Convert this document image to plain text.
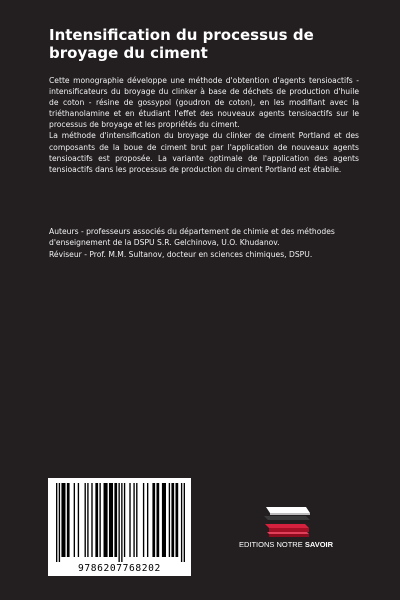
Intensification du processus de broyage du ciment

Cette monographie développe une méthode d'obtention d'agents tensioactifs - intensificateurs du broyage du clinker à base de déchets de production d'huile de coton - résine de gossypol (goudron de coton), en les modifiant avec la triéthanolamine et en étudiant l'effet des nouveaux agents tensioactifs sur le processus de broyage et les propriétés du ciment.

La méthode d'intensification du broyage du clinker de ciment Portland et des composants de la boue de ciment brut par l'application de nouveaux agents tensioactifs est proposée. La variante optimale de l'application des agents tensioactifs dans les processus de production du ciment Portland est établie.

Auteurs - professeurs associés du département de chimie et des méthodes d'enseignement de la DSPU S.R. Gelchinova, U.O. Khudanov.

Réviseur - Prof. M.M. Sultanov, docteur en sciences chimiques, DSPU.

9786207768202
EDITIONS NOTRE SAVOIR
